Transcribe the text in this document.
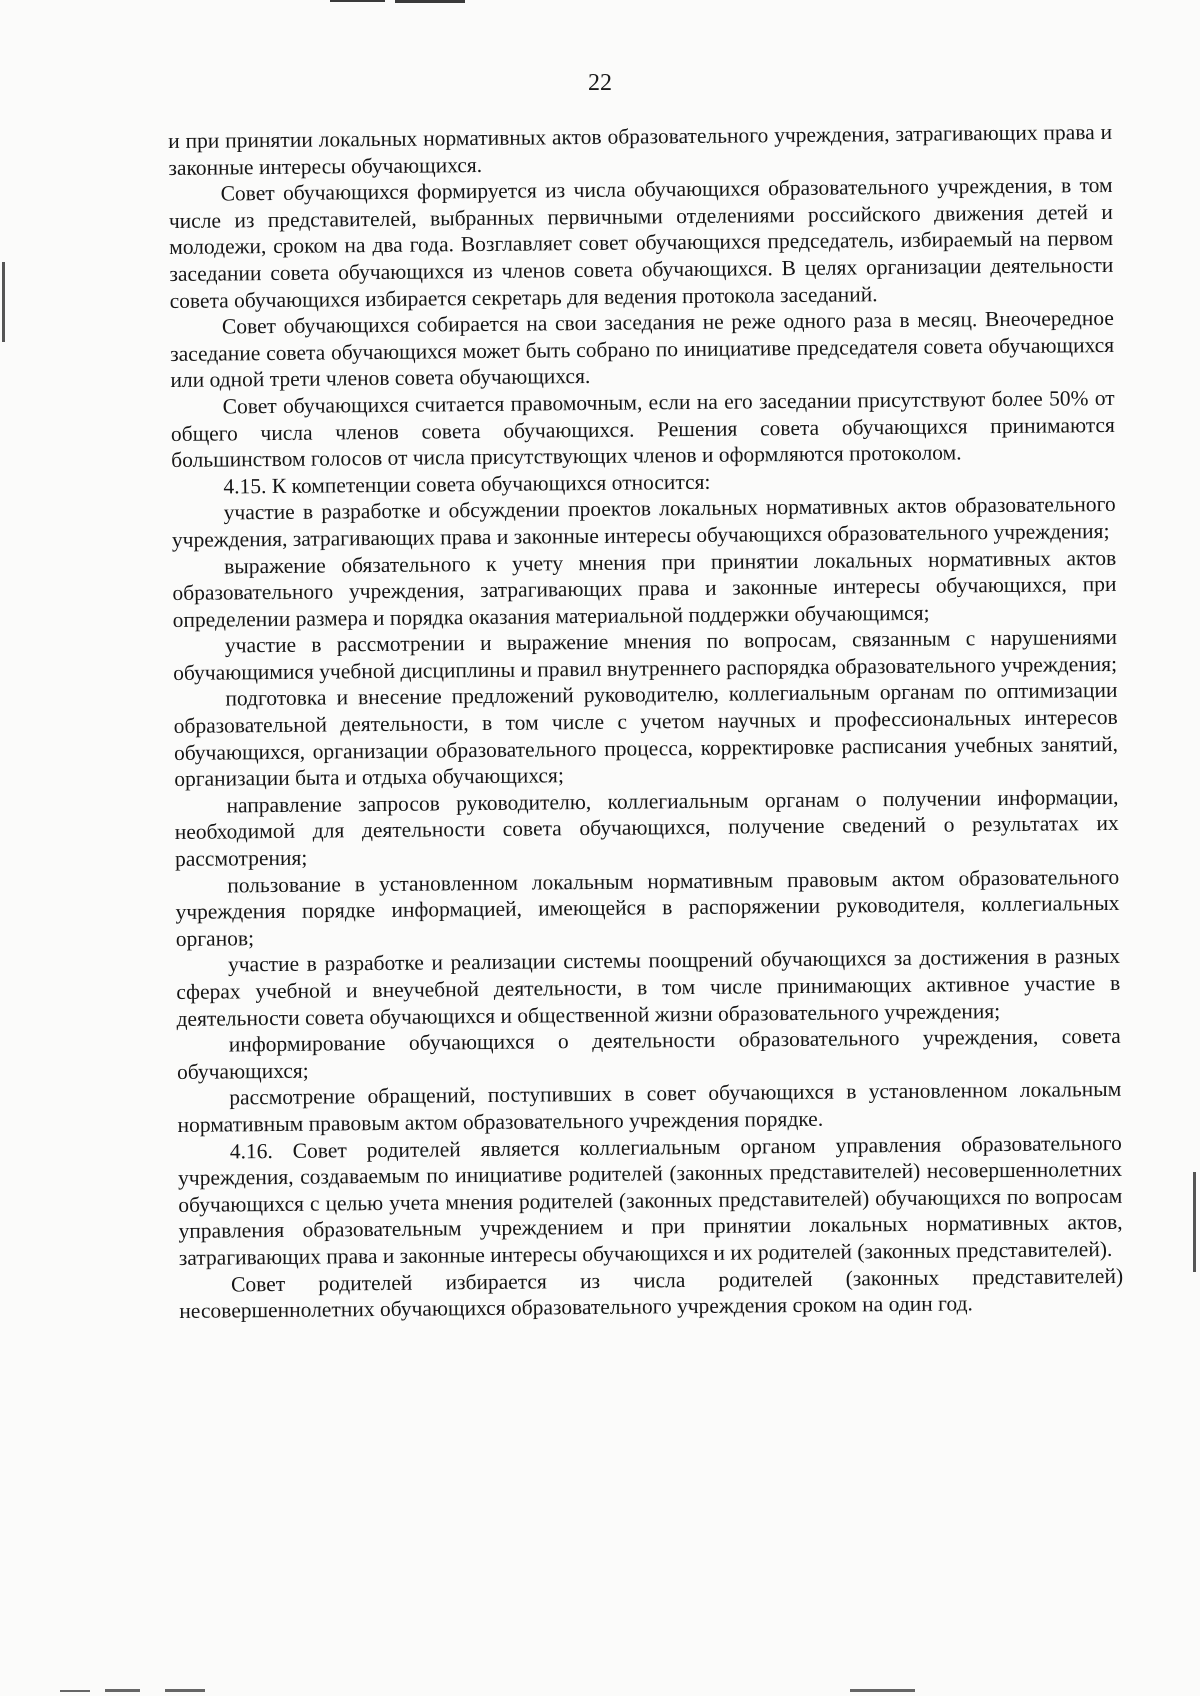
22

и при принятии локальных нормативных актов образовательного учреждения, затрагивающих права и законные интересы обучающихся.

Совет обучающихся формируется из числа обучающихся образовательного учреждения, в том числе из представителей, выбранных первичными отделениями российского движения детей и молодежи, сроком на два года. Возглавляет совет обучающихся председатель, избираемый на первом заседании совета обучающихся из членов совета обучающихся. В целях организации деятельности совета обучающихся избирается секретарь для ведения протокола заседаний.

Совет обучающихся собирается на свои заседания не реже одного раза в месяц. Внеочередное заседание совета обучающихся может быть собрано по инициативе председателя совета обучающихся или одной трети членов совета обучающихся.

Совет обучающихся считается правомочным, если на его заседании присутствуют более 50% от общего числа членов совета обучающихся. Решения совета обучающихся принимаются большинством голосов от числа присутствующих членов и оформляются протоколом.

4.15. К компетенции совета обучающихся относится:

участие в разработке и обсуждении проектов локальных нормативных актов образовательного учреждения, затрагивающих права и законные интересы обучающихся образовательного учреждения;

выражение обязательного к учету мнения при принятии локальных нормативных актов образовательного учреждения, затрагивающих права и законные интересы обучающихся, при определении размера и порядка оказания материальной поддержки обучающимся;

участие в рассмотрении и выражение мнения по вопросам, связанным с нарушениями обучающимися учебной дисциплины и правил внутреннего распорядка образовательного учреждения;

подготовка и внесение предложений руководителю, коллегиальным органам по оптимизации образовательной деятельности, в том числе с учетом научных и профессиональных интересов обучающихся, организации образовательного процесса, корректировке расписания учебных занятий, организации быта и отдыха обучающихся;

направление запросов руководителю, коллегиальным органам о получении информации, необходимой для деятельности совета обучающихся, получение сведений о результатах их рассмотрения;

пользование в установленном локальным нормативным правовым актом образовательного учреждения порядке информацией, имеющейся в распоряжении руководителя, коллегиальных органов;

участие в разработке и реализации системы поощрений обучающихся за достижения в разных сферах учебной и внеучебной деятельности, в том числе принимающих активное участие в деятельности совета обучающихся и общественной жизни образовательного учреждения;

информирование обучающихся о деятельности образовательного учреждения, совета обучающихся;

рассмотрение обращений, поступивших в совет обучающихся в установленном локальным нормативным правовым актом образовательного учреждения порядке.

4.16. Совет родителей является коллегиальным органом управления образовательного учреждения, создаваемым по инициативе родителей (законных представителей) несовершеннолетних обучающихся с целью учета мнения родителей (законных представителей) обучающихся по вопросам управления образовательным учреждением и при принятии локальных нормативных актов, затрагивающих права и законные интересы обучающихся и их родителей (законных представителей).

Совет родителей избирается из числа родителей (законных представителей) несовершеннолетних обучающихся образовательного учреждения сроком на один год.
